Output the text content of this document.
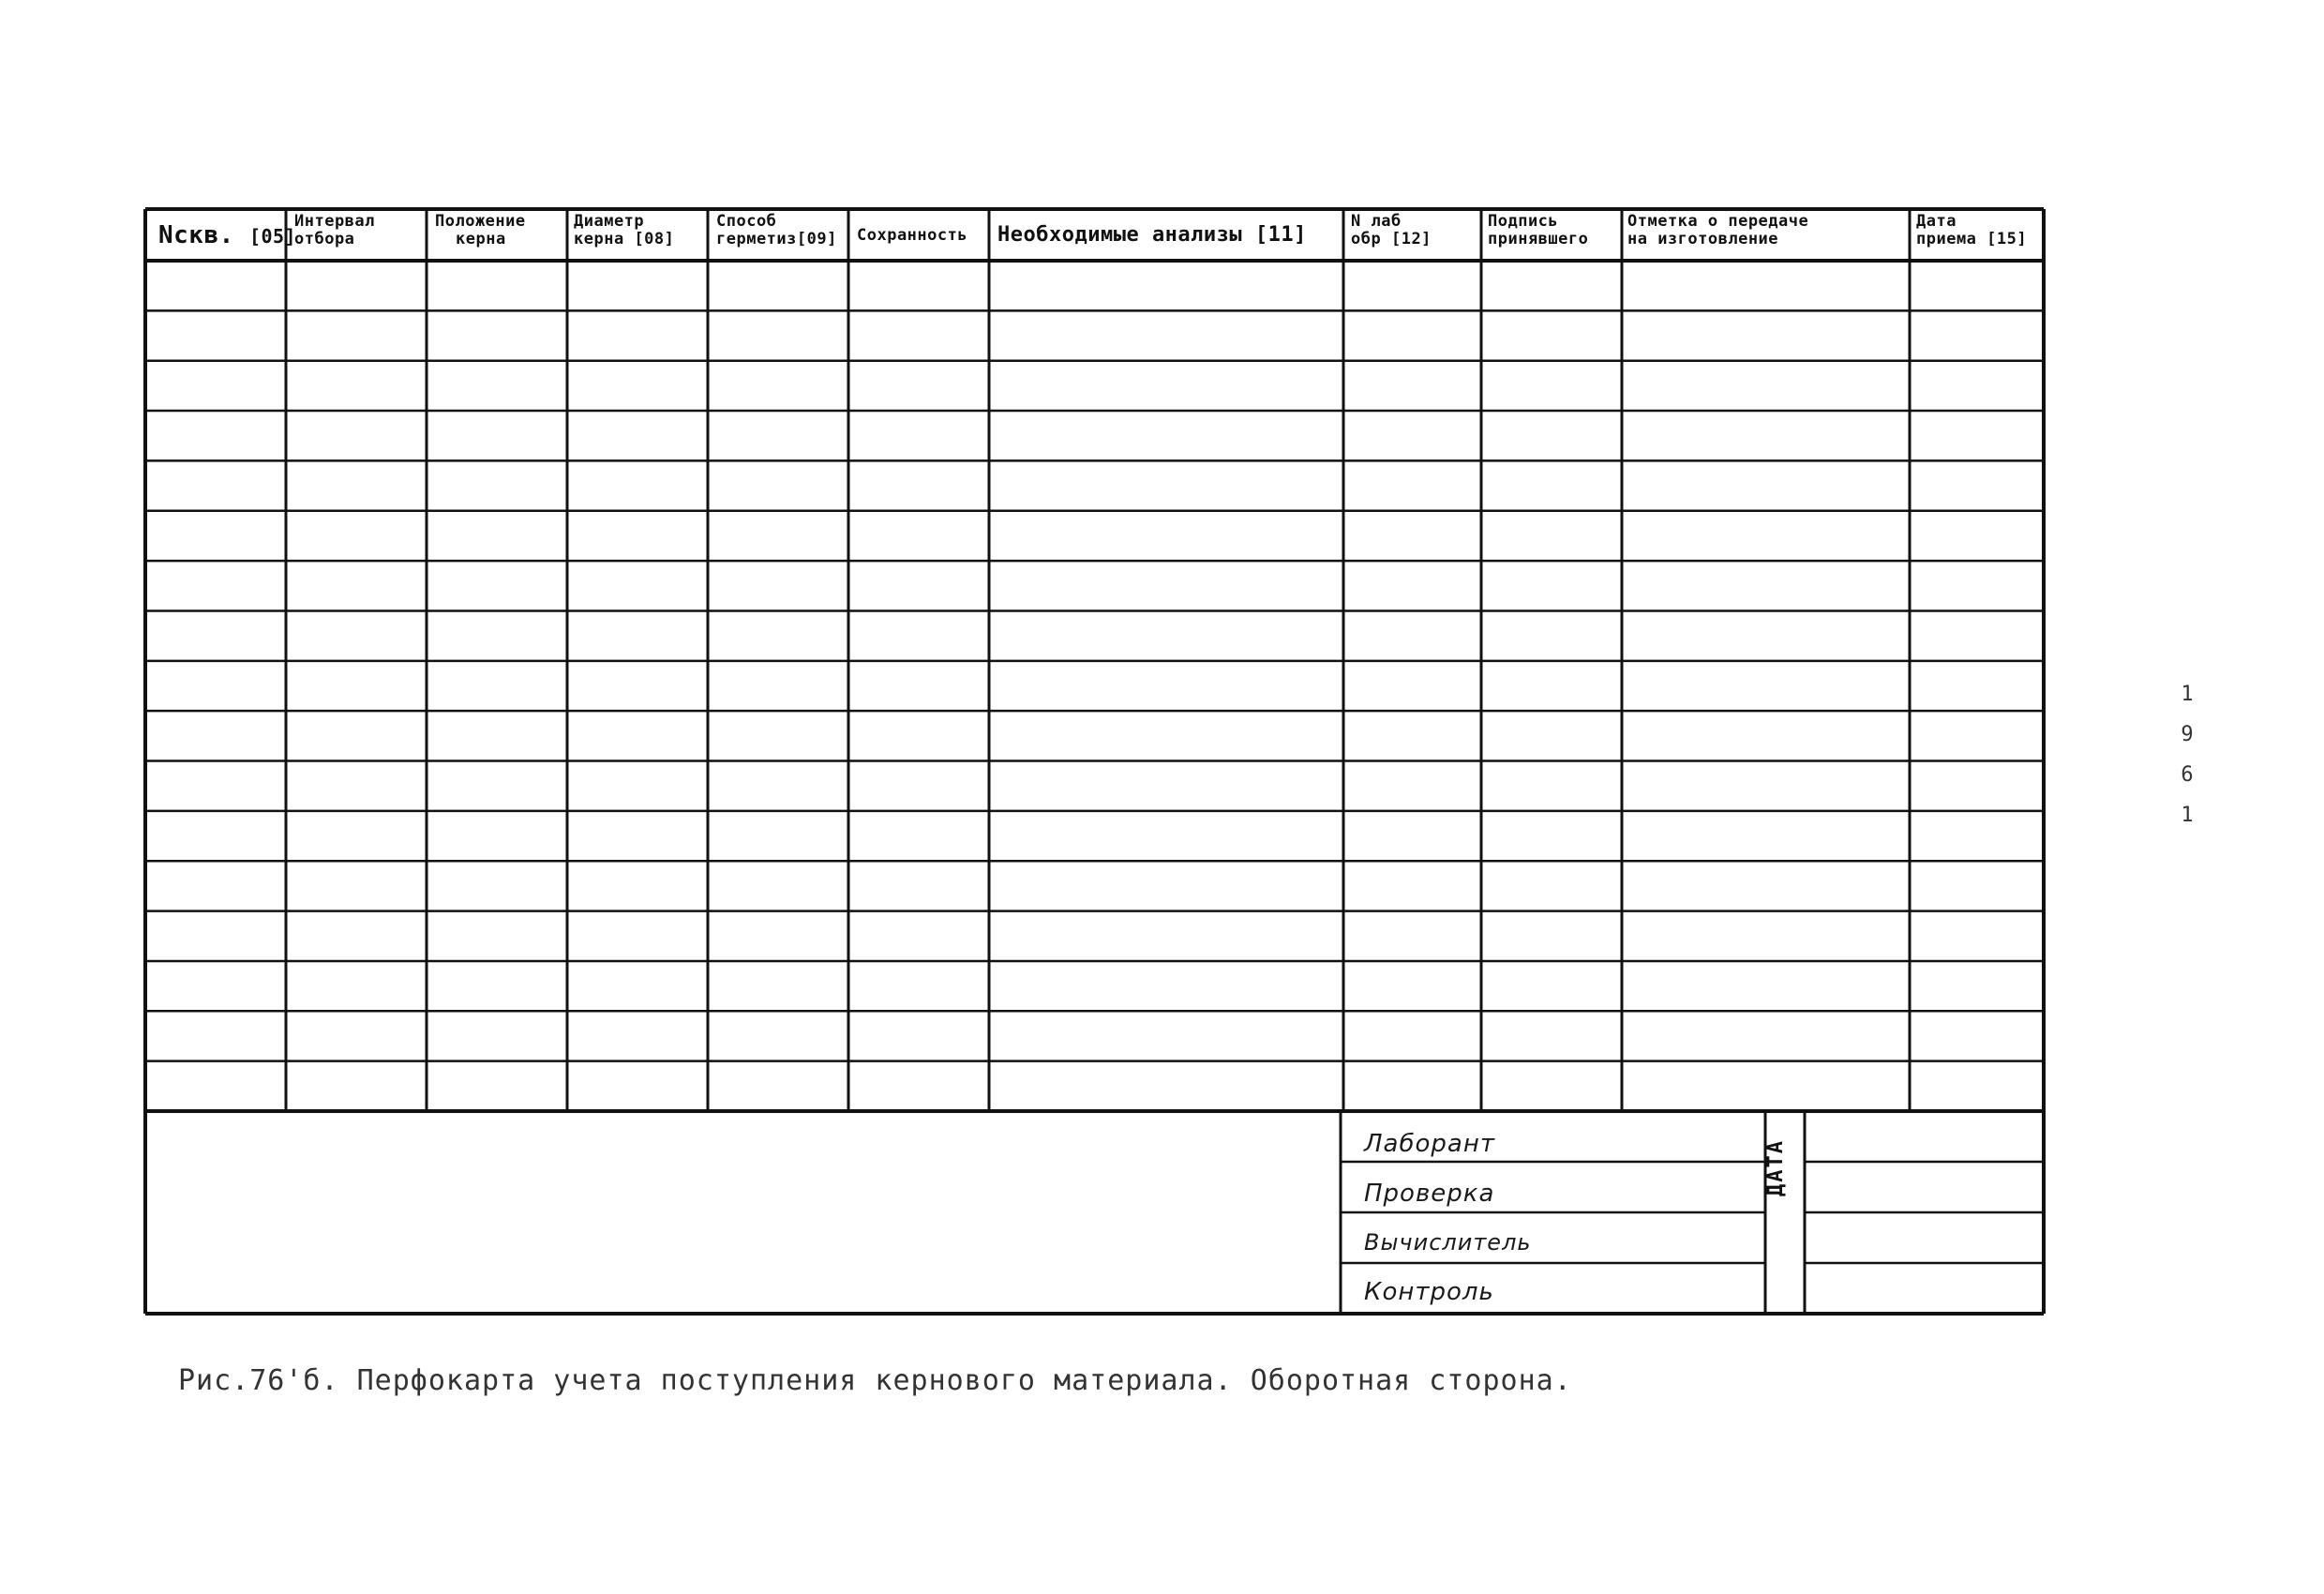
Nскв. [05]
Интервал
отбора
Положение
керна
Диаметр
керна [08]
Способ
герметиз[09]	Сохранность	Необходимые анализы [11]
N лаб
обр [12]
Подпись
принявшего
Отметка о передаче
на изготовление
Дата
приема [15]
Лаборант
Проверка
Вычислитель
Контроль
ДАТА
Рис.76'б. Перфокарта учета поступления кернового материала. Оборотная сторона.
1
9
6
1
